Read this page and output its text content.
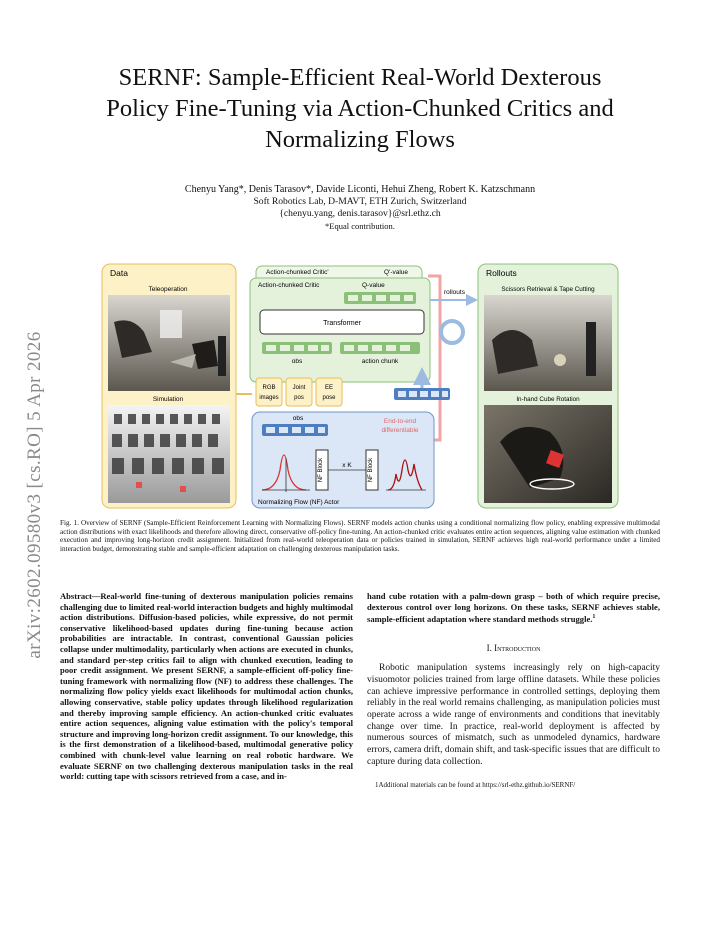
SERNF: Sample-Efficient Real-World Dexterous
Policy Fine-Tuning via Action-Chunked Critics and
Normalizing Flows
Chenyu Yang*, Denis Tarasov*, Davide Liconti, Hehui Zheng, Robert K. Katzschmann
Soft Robotics Lab, D-MAVT, ETH Zurich, Switzerland
{chenyu.yang, denis.tarasov}@srl.ethz.ch
*Equal contribution.
arXiv:2602.09580v3 [cs.RO] 5 Apr 2026
Data
Teleoperation
Simulation
Action-chunked Critic'	Q'-value
Action-chunked Critic	Q-value
Transformer
obs	action chunk
RGB
images
Joint
pos
EE
pose
rollouts
obs	End-to-end
differentiable
NF Block	NF Block
x K
Normalizing Flow (NF) Actor
Rollouts
Scissors Retrieval & Tape Cutting
In-hand Cube Rotation
Fig. 1. Overview of SERNF (Sample-Efficient Reinforcement Learning with Normalizing Flows). SERNF models action chunks using a conditional normalizing flow policy, enabling expressive multimodal action distributions with exact likelihoods and therefore allowing direct, conservative off-policy fine-tuning. An action-chunked critic evaluates entire action sequences, aligning value estimation with chunked execution and improving long-horizon credit assignment. Initialized from real-world teleoperation data or policies trained in simulation, SERNF achieves high real-world performance under a limited interaction budget, demonstrating stable and sample-efficient adaptation on challenging dexterous manipulation tasks.
Abstract—Real-world fine-tuning of dexterous manipulation policies remains challenging due to limited real-world interaction budgets and highly multimodal action distributions. Diffusion-based policies, while expressive, do not permit conservative likelihood-based updates during fine-tuning because action probabilities are intractable. In contrast, conventional Gaussian policies collapse under multimodality, particularly when actions are executed in chunks, and standard per-step critics fail to align with chunked execution, leading to poor credit assignment. We present SERNF, a sample-efficient off-policy fine-tuning framework with normalizing flow (NF) to address these challenges. The normalizing flow policy yields exact likelihoods for multimodal action chunks, allowing conservative, stable policy updates through likelihood regularization and thereby improving sample efficiency. An action-chunked critic evaluates entire action sequences, aligning value estimation with the policy's temporal structure and improving long-horizon credit assignment. To our knowledge, this is the first demonstration of a likelihood-based, multimodal generative policy combined with chunk-level value learning on real robotic hardware. We evaluate SERNF on two challenging dexterous manipulation tasks in the real world: cutting tape with scissors retrieved from a case, and in-
hand cube rotation with a palm-down grasp – both of which require precise, dexterous control over long horizons. On these tasks, SERNF achieves stable, sample-efficient adaptation where standard methods struggle.$^1$
I. Introduction
Robotic manipulation systems increasingly rely on high-capacity visuomotor policies trained from large offline datasets. While these policies can achieve impressive performance in controlled settings, deploying them reliably in the real world remains challenging, as manipulation policies must operate across a wide range of environments and conditions that inevitably change over time. In practice, real-world deployment is affected by numerous sources of mismatch, such as unmodeled dynamics, hardware errors, camera drift, domain shift, and task-specific issues that are difficult to capture during data collection.
1Additional materials can be found at https://srl-ethz.github.io/SERNF/
